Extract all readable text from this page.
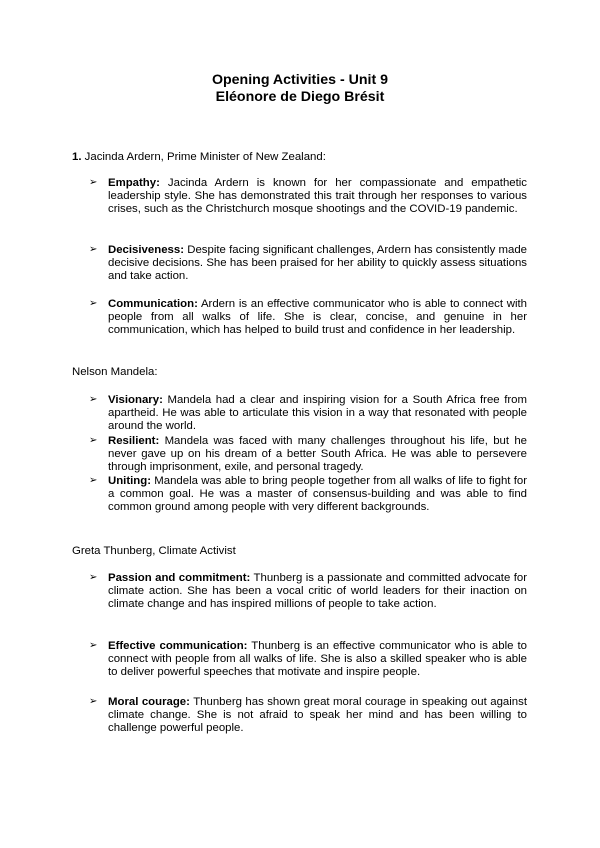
Opening Activities - Unit 9
Eléonore de Diego Brésit
1. Jacinda Ardern, Prime Minister of New Zealand:
➢ Empathy: Jacinda Ardern is known for her compassionate and empathetic leadership style. She has demonstrated this trait through her responses to various crises, such as the Christchurch mosque shootings and the COVID-19 pandemic.
➢ Decisiveness: Despite facing significant challenges, Ardern has consistently made decisive decisions. She has been praised for her ability to quickly assess situations and take action.
➢ Communication: Ardern is an effective communicator who is able to connect with people from all walks of life. She is clear, concise, and genuine in her communication, which has helped to build trust and confidence in her leadership.
Nelson Mandela:
➢ Visionary: Mandela had a clear and inspiring vision for a South Africa free from apartheid. He was able to articulate this vision in a way that resonated with people around the world.
➢ Resilient: Mandela was faced with many challenges throughout his life, but he never gave up on his dream of a better South Africa. He was able to persevere through imprisonment, exile, and personal tragedy.
➢ Uniting: Mandela was able to bring people together from all walks of life to fight for a common goal. He was a master of consensus-building and was able to find common ground among people with very different backgrounds.
Greta Thunberg, Climate Activist
➢ Passion and commitment: Thunberg is a passionate and committed advocate for climate action. She has been a vocal critic of world leaders for their inaction on climate change and has inspired millions of people to take action.
➢ Effective communication: Thunberg is an effective communicator who is able to connect with people from all walks of life. She is also a skilled speaker who is able to deliver powerful speeches that motivate and inspire people.
➢ Moral courage: Thunberg has shown great moral courage in speaking out against climate change. She is not afraid to speak her mind and has been willing to challenge powerful people.
